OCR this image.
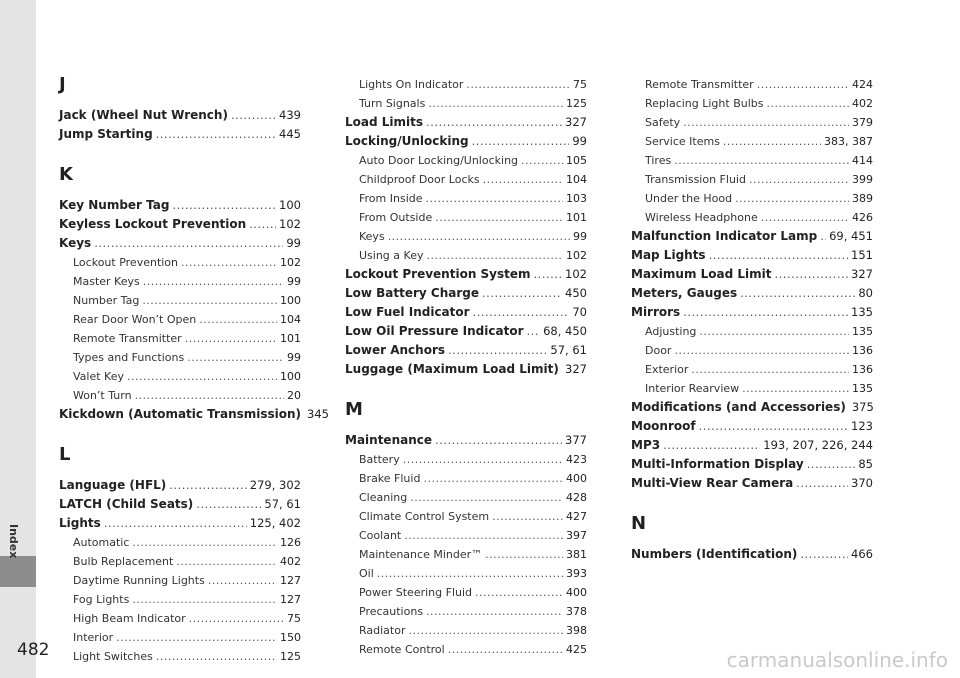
Index
482
J
Jack (Wheel Nut Wrench) .....	439
Jump Starting .....	445
K
Key Number Tag .....	100
Keyless Lockout Prevention .....	102
Keys .....	99
Lockout Prevention .....	102
Master Keys .....	99
Number Tag .....	100
Rear Door Won’t Open .....	104
Remote Transmitter .....	101
Types and Functions .....	99
Valet Key .....	100
Won’t Turn .....	20
Kickdown (Automatic Transmission) 345
L
Language (HFL) .....	279, 302
LATCH (Child Seats) .....	57, 61
Lights .....	125, 402
Automatic .....	126
Bulb Replacement .....	402
Daytime Running Lights .....	127
Fog Lights .....	127
High Beam Indicator .....	75
Interior .....	150
Light Switches .....	125
Lights On Indicator .....	75
Turn Signals .....	125
Load Limits .....	327
Locking/Unlocking .....	99
Auto Door Locking/Unlocking .....	105
Childproof Door Locks .....	104
From Inside .....	103
From Outside .....	101
Keys .....	99
Using a Key .....	102
Lockout Prevention System .....	102
Low Battery Charge .....	450
Low Fuel Indicator .....	70
Low Oil Pressure Indicator ..... 68, 450
Lower Anchors .....	57, 61
Luggage (Maximum Load Limit) ..... 327
M
Maintenance .....	377
Battery .....	423
Brake Fluid .....	400
Cleaning .....	428
Climate Control System .....	427
Coolant .....	397
Maintenance Minder™ .....	381
Oil .....	393
Power Steering Fluid .....	400
Precautions .....	378
Radiator .....	398
Remote Control .....	425
Remote Transmitter .....	424
Replacing Light Bulbs .....	402
Safety .....	379
Service Items .....	383, 387
Tires .....	414
Transmission Fluid .....	399
Under the Hood .....	389
Wireless Headphone .....	426
Malfunction Indicator Lamp ..... 69, 451
Map Lights .....	151
Maximum Load Limit .....	327
Meters, Gauges .....	80
Mirrors .....	135
Adjusting .....	135
Door .....	136
Exterior .....	136
Interior Rearview .....	135
Modifications (and Accessories) 375
Moonroof .....	123
MP3 .....	193, 207, 226, 244
Multi-Information Display .....	85
Multi-View Rear Camera .....	370
N
Numbers (Identification) .....	466
carmanualsonline.info
